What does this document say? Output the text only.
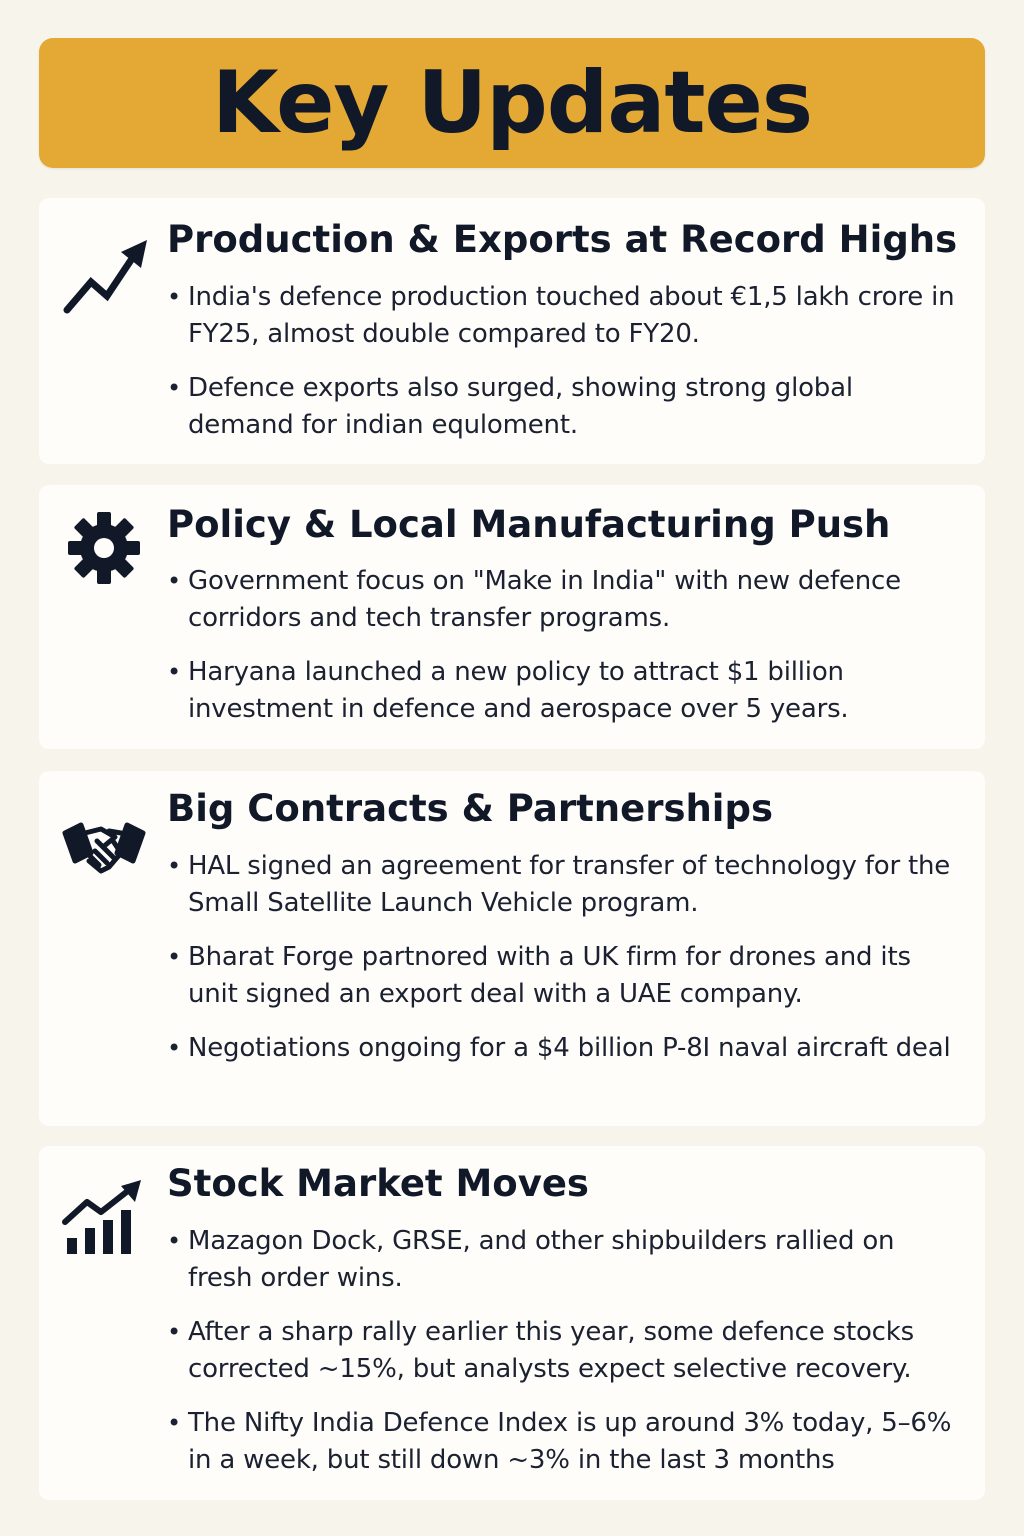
Key Updates
Production & Exports at Record Highs
• India's defence production touched about €1,5 lakh crore in FY25, almost double compared to FY20.
• Defence exports also surged, showing strong global demand for indian equloment.
Policy & Local Manufacturing Push
• Government focus on "Make in India" with new defence corridors and tech transfer programs.
• Haryana launched a new policy to attract $1 billion investment in defence and aerospace over 5 years.
Big Contracts & Partnerships
• HAL signed an agreement for transfer of technology for the Small Satellite Launch Vehicle program.
• Bharat Forge partnored with a UK firm for drones and its unit signed an export deal with a UAE company.
• Negotiations ongoing for a $4 billion P-8I naval aircraft deal
Stock Market Moves
• Mazagon Dock, GRSE, and other shipbuilders rallied on fresh order wins.
• After a sharp rally earlier this year, some defence stocks corrected ~15%, but analysts expect selective recovery.
• The Nifty India Defence Index is up around 3% today, 5–6% in a week, but still down ~3% in the last 3 months
